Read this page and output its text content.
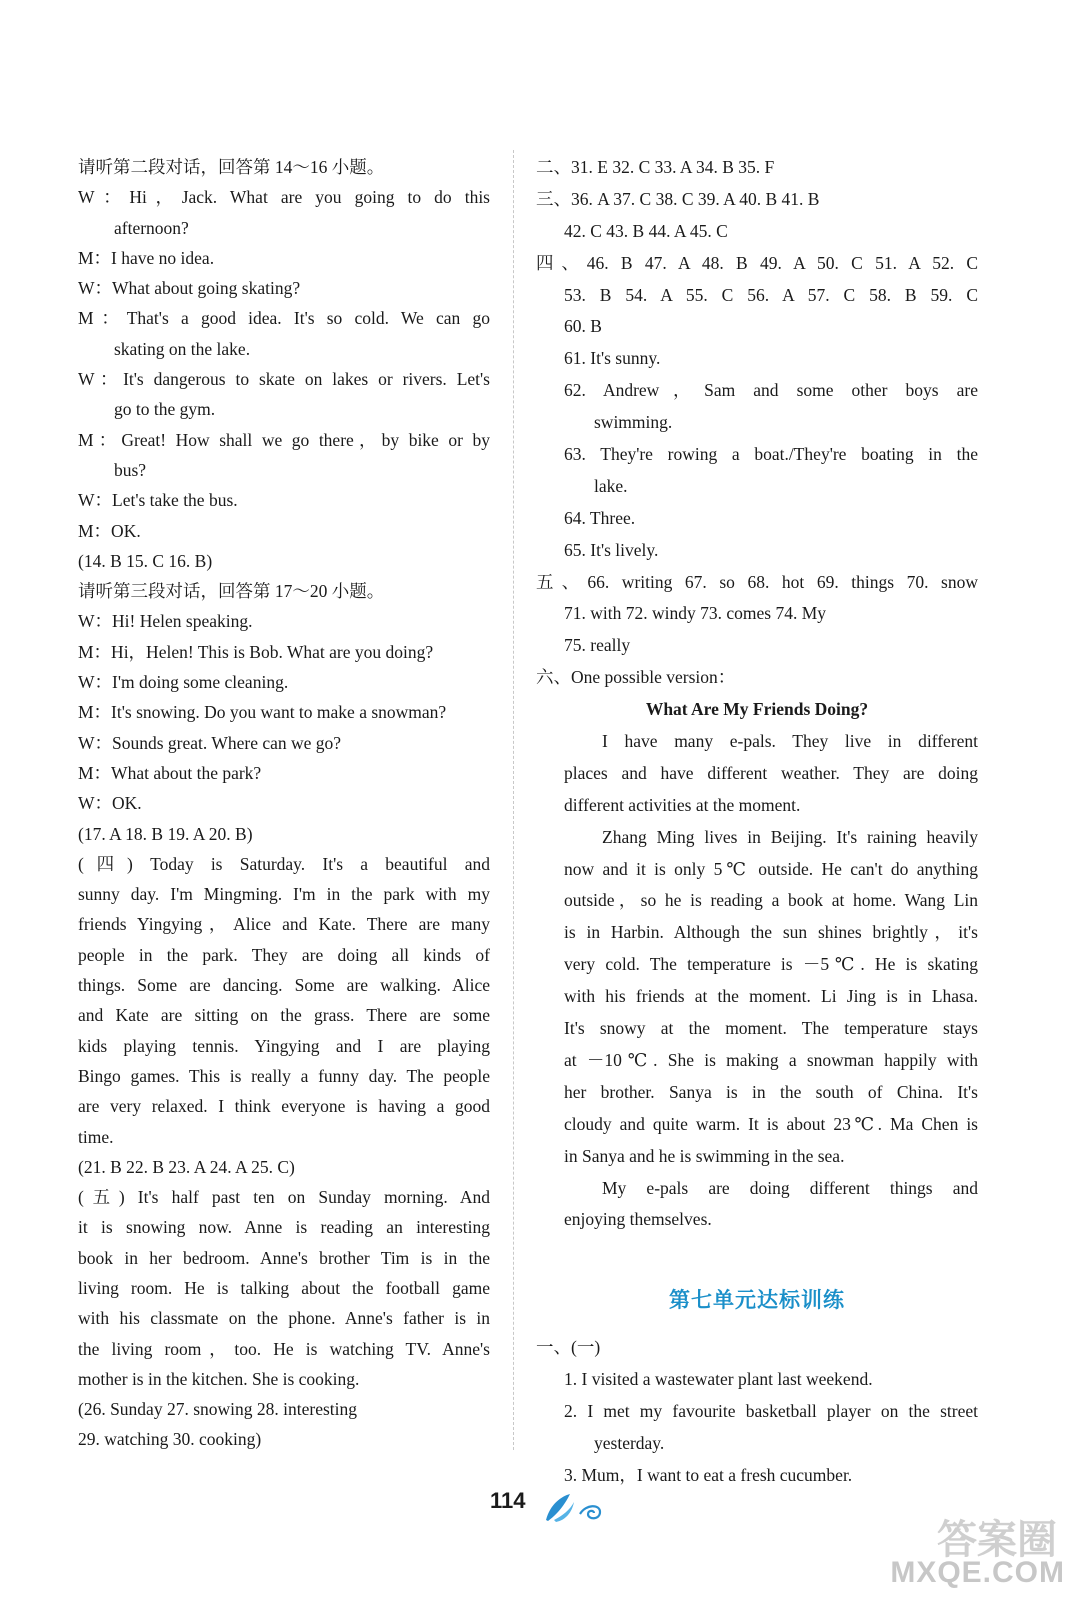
请听第二段对话，回答第 14～16 小题。
W：Hi，Jack. What are you going to do this
afternoon?
M：I have no idea.
W：What about going skating?
M：That's a good idea. It's so cold. We can go
skating on the lake.
W：It's dangerous to skate on lakes or rivers. Let's
go to the gym.
M：Great! How shall we go there，by bike or by
bus?
W：Let's take the bus.
M：OK.
(14. B 15. C 16. B)
请听第三段对话，回答第 17～20 小题。
W：Hi! Helen speaking.
M：Hi，Helen! This is Bob. What are you doing?
W：I'm doing some cleaning.
M：It's snowing. Do you want to make a snowman?
W：Sounds great. Where can we go?
M：What about the park?
W：OK.
(17. A 18. B 19. A 20. B)
(四) Today is Saturday. It's a beautiful and
sunny day. I'm Mingming. I'm in the park with my
friends Yingying，Alice and Kate. There are many
people in the park. They are doing all kinds of
things. Some are dancing. Some are walking. Alice
and Kate are sitting on the grass. There are some
kids playing tennis. Yingying and I are playing
Bingo games. This is really a funny day. The people
are very relaxed. I think everyone is having a good
time.
(21. B 22. B 23. A 24. A 25. C)
(五) It's half past ten on Sunday morning. And
it is snowing now. Anne is reading an interesting
book in her bedroom. Anne's brother Tim is in the
living room. He is talking about the football game
with his classmate on the phone. Anne's father is in
the living room，too. He is watching TV. Anne's
mother is in the kitchen. She is cooking.
(26. Sunday 27. snowing 28. interesting
29. watching 30. cooking)
二、31. E 32. C 33. A 34. B 35. F
三、36. A 37. C 38. C 39. A 40. B 41. B
42. C 43. B 44. A 45. C
四、46. B 47. A 48. B 49. A 50. C 51. A 52. C
53. B 54. A 55. C 56. A 57. C 58. B 59. C
60. B
61. It's sunny.
62. Andrew，Sam and some other boys are
swimming.
63. They're rowing a boat./They're boating in the
lake.
64. Three.
65. It's lively.
五、66. writing 67. so 68. hot 69. things 70. snow
71. with 72. windy 73. comes 74. My
75. really
六、One possible version：
What Are My Friends Doing?
I have many e-pals. They live in different
places and have different weather. They are doing
different activities at the moment.
Zhang Ming lives in Beijing. It's raining heavily
now and it is only 5℃ outside. He can't do anything
outside，so he is reading a book at home. Wang Lin
is in Harbin. Although the sun shines brightly，it's
very cold. The temperature is －5℃. He is skating
with his friends at the moment. Li Jing is in Lhasa.
It's snowy at the moment. The temperature stays
at －10℃. She is making a snowman happily with
her brother. Sanya is in the south of China. It's
cloudy and quite warm. It is about 23℃. Ma Chen is
in Sanya and he is swimming in the sea.
My e-pals are doing different things and
enjoying themselves.
第七单元达标训练
一、(一)
1. I visited a wastewater plant last weekend.
2. I met my favourite basketball player on the street
yesterday.
3. Mum，I want to eat a fresh cucumber.
114
答案圈
MXQE.COM
